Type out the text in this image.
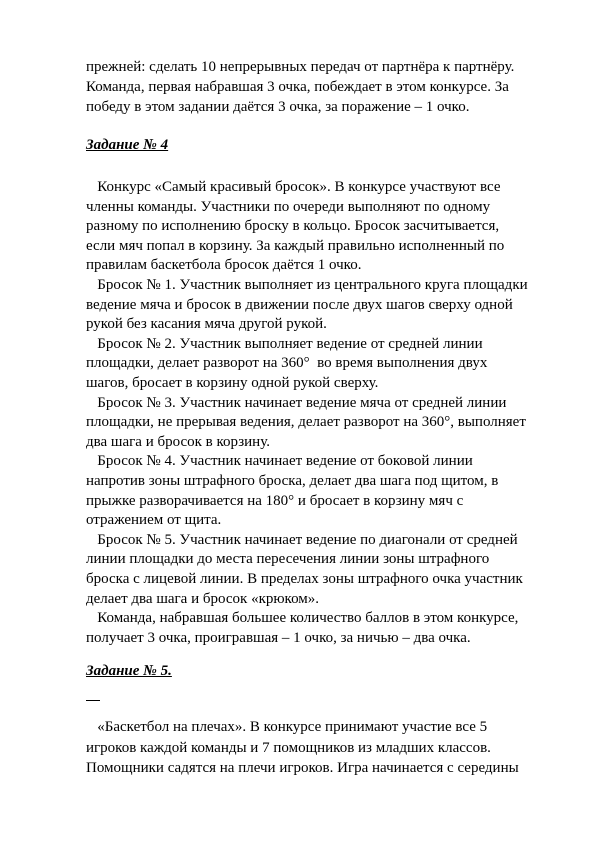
прежней: сделать 10 непрерывных передач от партнёра к партнёру.
Команда, первая набравшая 3 очка, побеждает в этом конкурсе. За
победу в этом задании даётся 3 очка, за поражение – 1 очко.
Задание № 4
Конкурс «Самый красивый бросок». В конкурсе участвуют все
членны команды. Участники по очереди выполняют по одному
разному по исполнению броску в кольцо. Бросок засчитывается,
если мяч попал в корзину. За каждый правильно исполненный по
правилам баскетбола бросок даётся 1 очко.
Бросок № 1. Участник выполняет из центрального круга площадки
ведение мяча и бросок в движении после двух шагов сверху одной
рукой без касания мяча другой рукой.
Бросок № 2. Участник выполняет ведение от средней линии
площадки, делает разворот на 360°  во время выполнения двух
шагов, бросает в корзину одной рукой сверху.
Бросок № 3. Участник начинает ведение мяча от средней линии
площадки, не прерывая ведения, делает разворот на 360°, выполняет
два шага и бросок в корзину.
Бросок № 4. Участник начинает ведение от боковой линии
напротив зоны штрафного броска, делает два шага под щитом, в
прыжке разворачивается на 180° и бросает в корзину мяч с
отражением от щита.
Бросок № 5. Участник начинает ведение по диагонали от средней
линии площадки до места пересечения линии зоны штрафного
броска с лицевой линии. В пределах зоны штрафного очка участник
делает два шага и бросок «крюком».
Команда, набравшая большее количество баллов в этом конкурсе,
получает 3 очка, проигравшая – 1 очко, за ничью – два очка.
Задание № 5.
«Баскетбол на плечах». В конкурсе принимают участие все 5
игроков каждой команды и 7 помощников из младших классов.
Помощники садятся на плечи игроков. Игра начинается с середины
